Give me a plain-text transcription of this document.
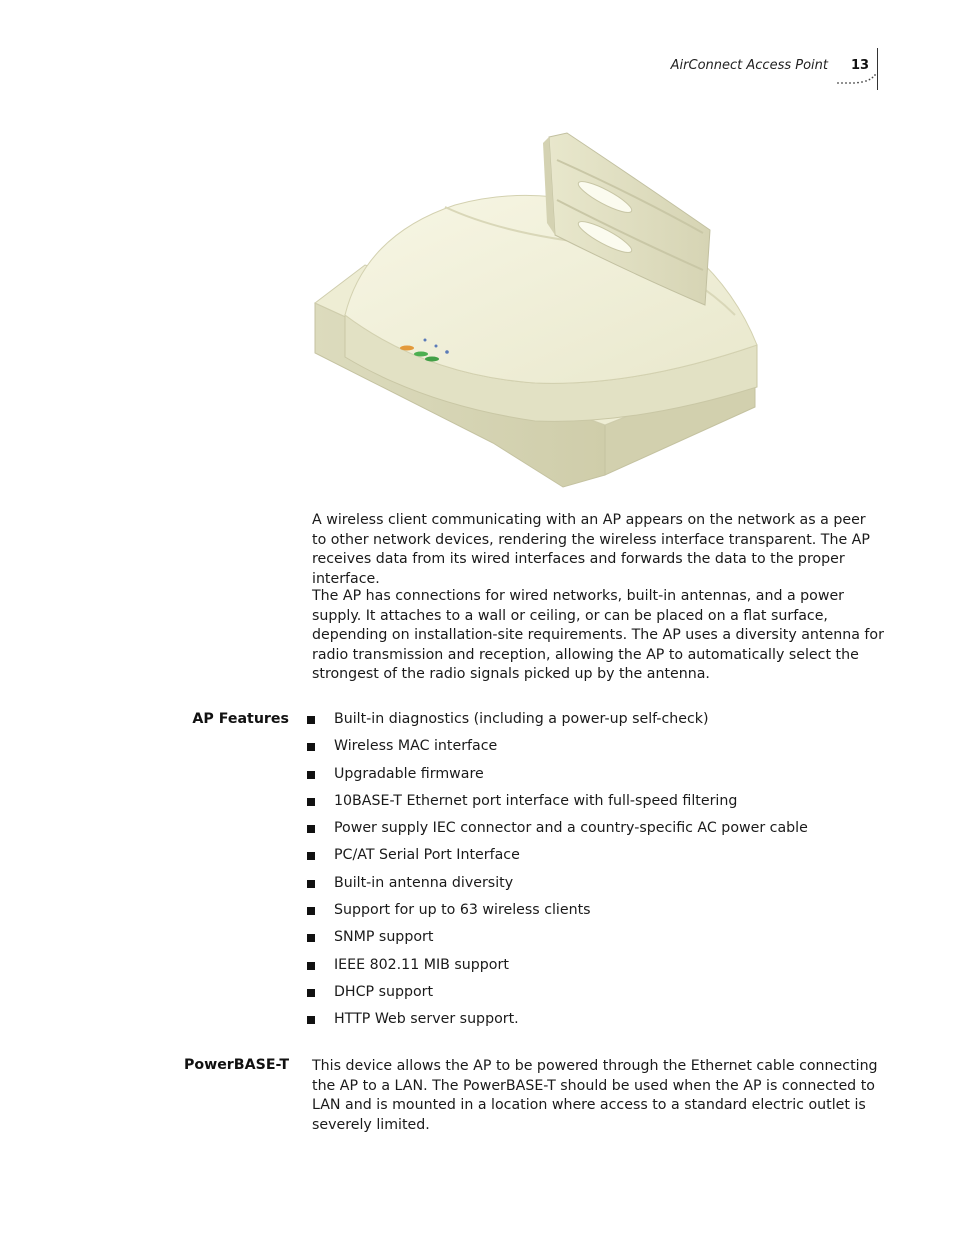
AirConnect Access Point 13

A wireless client communicating with an AP appears on the network as a peer to other network devices, rendering the wireless interface transparent. The AP receives data from its wired interfaces and forwards the data to the proper interface.

The AP has connections for wired networks, built-in antennas, and a power supply. It attaches to a wall or ceiling, or can be placed on a flat surface, depending on installation-site requirements. The AP uses a diversity antenna for radio transmission and reception, allowing the AP to automatically select the strongest of the radio signals picked up by the antenna.

AP Features	Built-in diagnostics (including a power-up self-check)
Wireless MAC interface
Upgradable firmware
10BASE-T Ethernet port interface with full-speed filtering
Power supply IEC connector and a country-specific AC power cable
PC/AT Serial Port Interface
Built-in antenna diversity
Support for up to 63 wireless clients
SNMP support
IEEE 802.11 MIB support
DHCP support
HTTP Web server support.
PowerBASE-T This device allows the AP to be powered through the Ethernet cable connecting the AP to a LAN. The PowerBASE-T should be used when the AP is connected to LAN and is mounted in a location where access to a standard electric outlet is severely limited.
